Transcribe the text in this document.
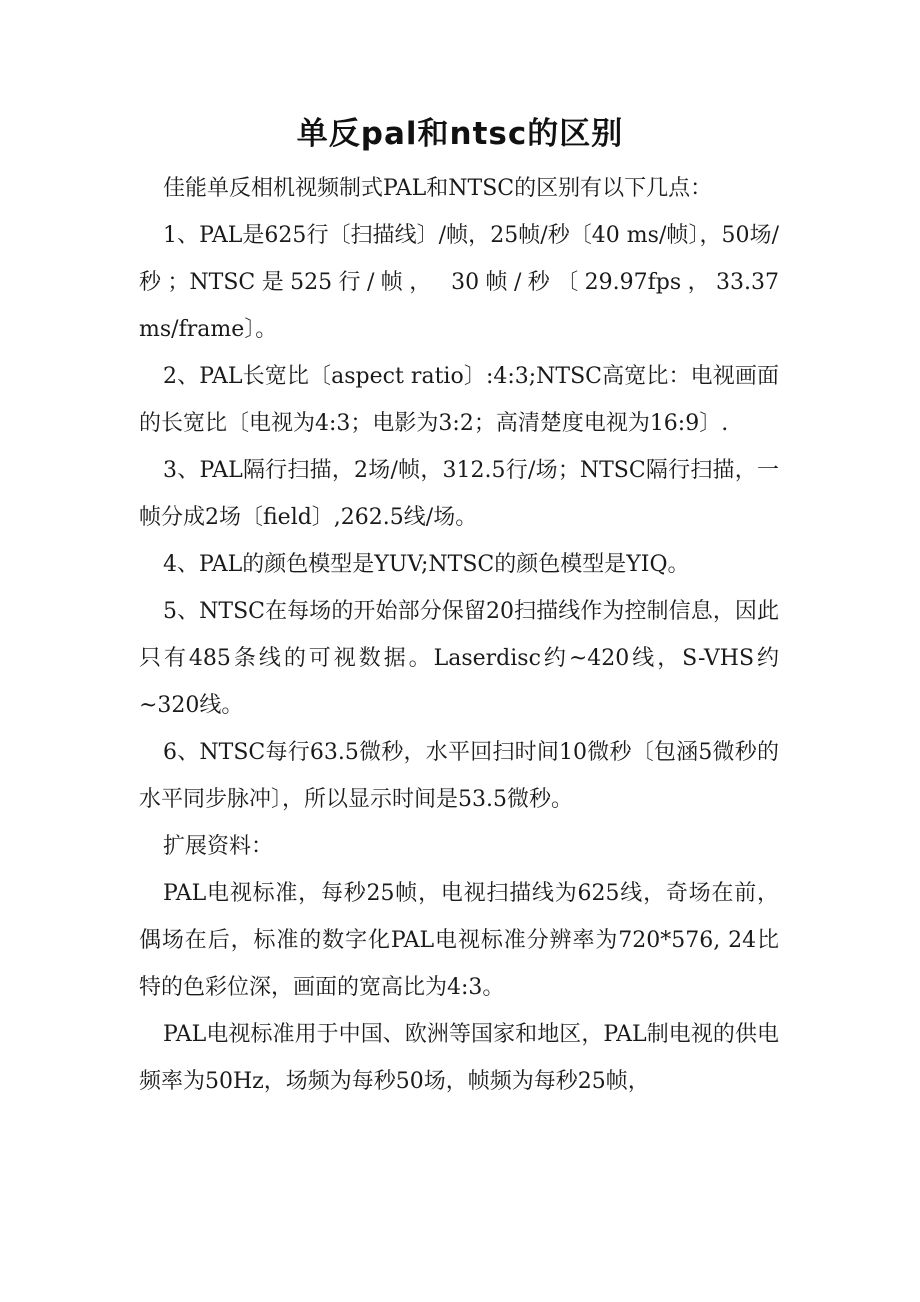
单反pal和ntsc的区别

佳能单反相机视频制式PAL和NTSC的区别有以下几点：

1、PAL是625行〔扫描线〕/帧，25帧/秒〔40 ms/帧〕，50场/秒；NTSC是525行/帧， 30帧/秒〔29.97fps，33.37 ms/frame〕。

2、PAL长宽比〔aspect ratio〕:4:3;NTSC高宽比：电视画面的长宽比〔电视为4:3；电影为3:2；高清楚度电视为16:9〕.

3、PAL隔行扫描，2场/帧，312.5行/场；NTSC隔行扫描，一帧分成2场〔field〕,262.5线/场。

4、PAL的颜色模型是YUV;NTSC的颜色模型是YIQ。

5、NTSC在每场的开始部分保留20扫描线作为控制信息，因此只有485条线的可视数据。Laserdisc约~420线，S-VHS约~320线。

6、NTSC每行63.5微秒，水平回扫时间10微秒〔包涵5微秒的水平同步脉冲〕，所以显示时间是53.5微秒。

扩展资料：

PAL电视标准，每秒25帧，电视扫描线为625线，奇场在前，偶场在后，标准的数字化PAL电视标准分辨率为720*576, 24比特的色彩位深，画面的宽高比为4:3。

PAL电视标准用于中国、欧洲等国家和地区，PAL制电视的供电频率为50Hz，场频为每秒50场，帧频为每秒25帧，
